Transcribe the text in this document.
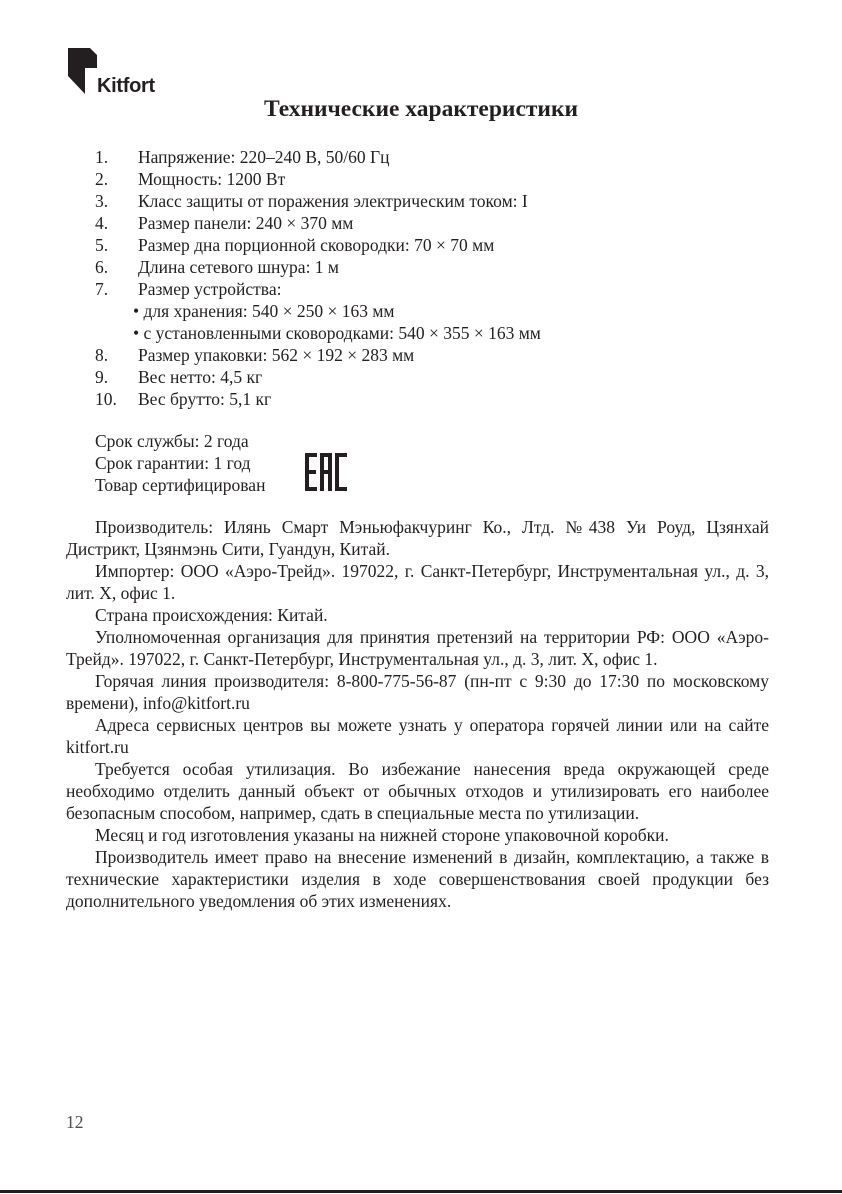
Kitfort
Технические характеристики
1.	Напряжение: 220–240 В, 50/60 Гц
2.	Мощность: 1200 Вт
3.	Класс защиты от поражения электрическим током: I
4.	Размер панели: 240 × 370 мм
5.	Размер дна порционной сковородки: 70 × 70 мм
6.	Длина сетевого шнура: 1 м
7.	Размер устройства:
• для хранения: 540 × 250 × 163 мм
• с установленными сковородками: 540 × 355 × 163 мм
8.	Размер упаковки: 562 × 192 × 283 мм
9.	Вес нетто: 4,5 кг
10.	Вес брутто: 5,1 кг
Срок службы: 2 года
Срок гарантии: 1 год
Товар сертифицирован

Производитель: Илянь Смарт Мэньюфакчуринг Ко., Лтд. №438 Уи Роуд, Цзянхай Дистрикт, Цзянмэнь Сити, Гуандун, Китай.

Импортер: ООО «Аэро-Трейд». 197022, г. Санкт-Петербург, Инструментальная ул., д. 3, лит. Х, офис 1.

Страна происхождения: Китай.

Уполномоченная организация для принятия претензий на территории РФ: ООО «Аэро-Трейд». 197022, г. Санкт-Петербург, Инструментальная ул., д. 3, лит. Х, офис 1.

Горячая линия производителя: 8-800-775-56-87 (пн-пт с 9:30 до 17:30 по московскому времени), info@kitfort.ru

Адреса сервисных центров вы можете узнать у оператора горячей линии или на сайте kitfort.ru

Требуется особая утилизация. Во избежание нанесения вреда окружающей среде необходимо отделить данный объект от обычных отходов и утилизировать его наиболее безопасным способом, например, сдать в специальные места по утилизации.

Месяц и год изготовления указаны на нижней стороне упаковочной коробки.

Производитель имеет право на внесение изменений в дизайн, комплектацию, а также в технические характеристики изделия в ходе совершенствования своей продукции без дополнительного уведомления об этих изменениях.

12
